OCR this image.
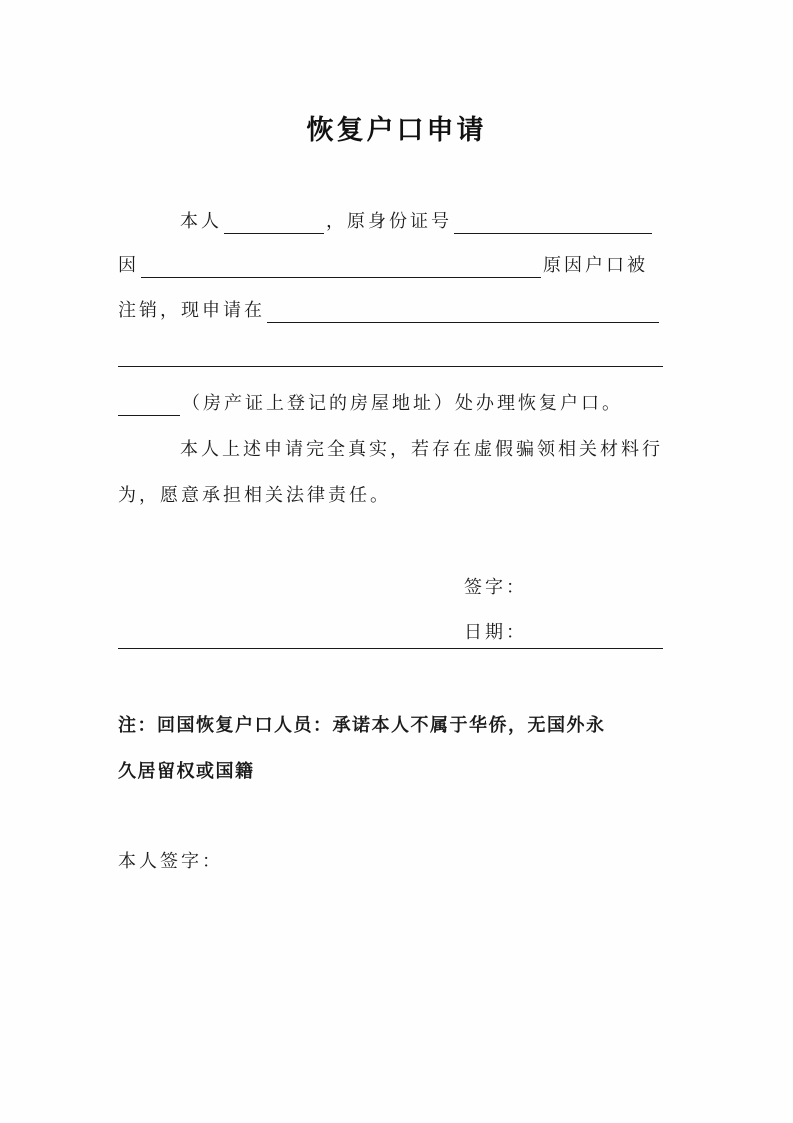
恢复户口申请
本人	，原身份证号
因	原因户口被
注销，现申请在
（房产证上登记的房屋地址）处办理恢复户口。
本人上述申请完全真实，若存在虚假骗领相关材料行
为，愿意承担相关法律责任。
签字：
日期：
注：回国恢复户口人员：承诺本人不属于华侨，无国外永
久居留权或国籍
本人签字：
